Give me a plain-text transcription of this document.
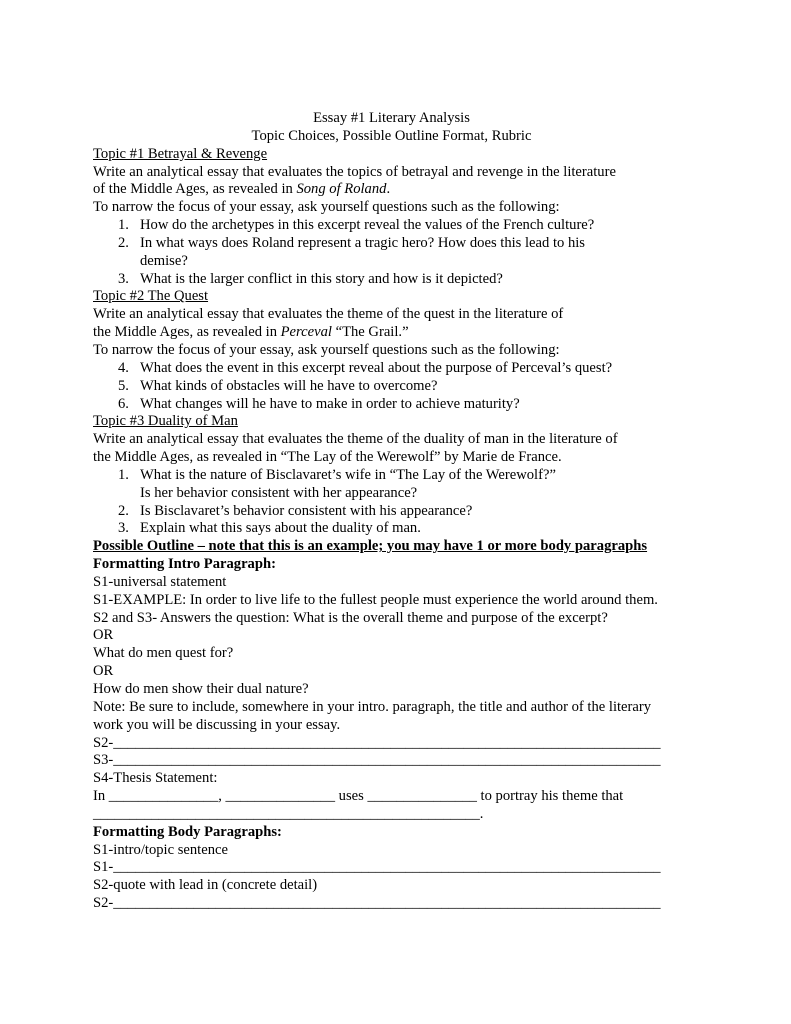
Essay #1 Literary Analysis
Topic Choices, Possible Outline Format, Rubric
Topic #1 Betrayal & Revenge
Write an analytical essay that evaluates the topics of betrayal and revenge in the literature
of the Middle Ages, as revealed in Song of Roland.
To narrow the focus of your essay, ask yourself questions such as the following:
1. How do the archetypes in this excerpt reveal the values of the French culture?
2. In what ways does Roland represent a tragic hero? How does this lead to his
demise?
3. What is the larger conflict in this story and how is it depicted?
Topic #2 The Quest
Write an analytical essay that evaluates the theme of the quest in the literature of
the Middle Ages, as revealed in Perceval “The Grail.”
To narrow the focus of your essay, ask yourself questions such as the following:
4. What does the event in this excerpt reveal about the purpose of Perceval’s quest?
5. What kinds of obstacles will he have to overcome?
6. What changes will he have to make in order to achieve maturity?
Topic #3 Duality of Man
Write an analytical essay that evaluates the theme of the duality of man in the literature of
the Middle Ages, as revealed in “The Lay of the Werewolf” by Marie de France.
1. What is the nature of Bisclavaret’s wife in “The Lay of the Werewolf?”
Is her behavior consistent with her appearance?
2. Is Bisclavaret’s behavior consistent with his appearance?
3. Explain what this says about the duality of man.
Possible Outline – note that this is an example; you may have 1 or more body paragraphs
Formatting Intro Paragraph:
S1-universal statement
S1-EXAMPLE: In order to live life to the fullest people must experience the world around them.
S2 and S3- Answers the question: What is the overall theme and purpose of the excerpt?
OR
What do men quest for?
OR
How do men show their dual nature?
Note: Be sure to include, somewhere in your intro. paragraph, the title and author of the literary
work you will be discussing in your essay.
S2-___________________________________________________________________________
S3-___________________________________________________________________________
S4-Thesis Statement:
In _______________, _______________ uses _______________ to portray his theme that
_____________________________________________________.
Formatting Body Paragraphs:
S1-intro/topic sentence
S1-___________________________________________________________________________
S2-quote with lead in (concrete detail)
S2-___________________________________________________________________________
